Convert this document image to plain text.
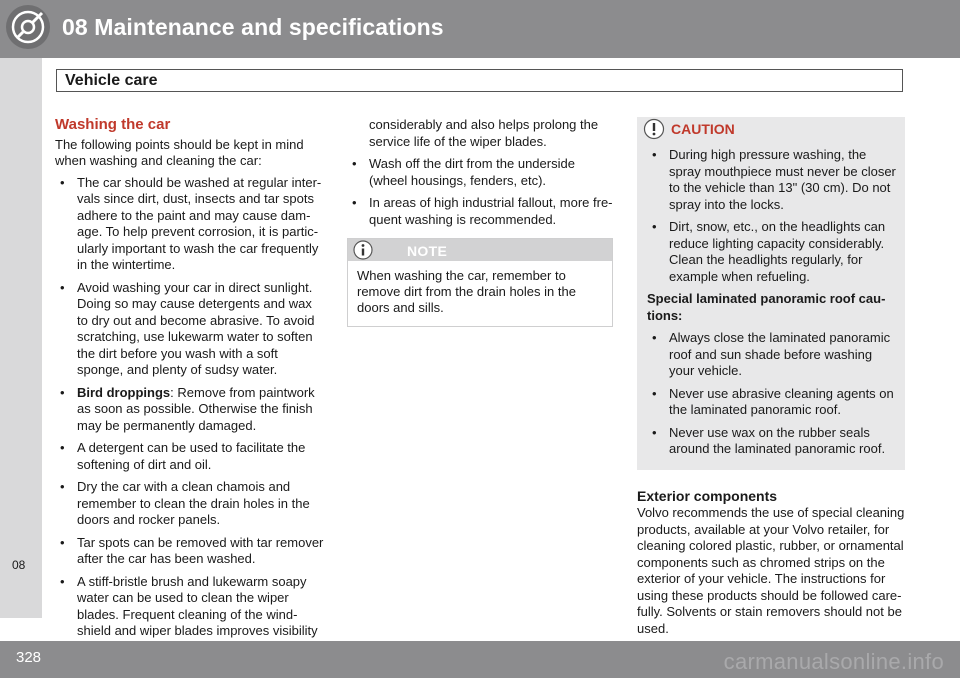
08 Maintenance and specifications
08
Vehicle care
Washing the car

The following points should be kept in mind when washing and cleaning the car:

• The car should be washed at regular inter-vals since dirt, dust, insects and tar spots adhere to the paint and may cause dam-age. To help prevent corrosion, it is partic-ularly important to wash the car frequently in the wintertime.
• Avoid washing your car in direct sunlight. Doing so may cause detergents and wax to dry out and become abrasive. To avoid scratching, use lukewarm water to soften the dirt before you wash with a soft sponge, and plenty of sudsy water.
• Bird droppings: Remove from paintwork as soon as possible. Otherwise the finish may be permanently damaged.
• A detergent can be used to facilitate the softening of dirt and oil.
• Dry the car with a clean chamois and remember to clean the drain holes in the doors and rocker panels.
• Tar spots can be removed with tar remover after the car has been washed.
• A stiff-bristle brush and lukewarm soapy water can be used to clean the wiper blades. Frequent cleaning of the wind-shield and wiper blades improves visibility
considerably and also helps prolong the service life of the wiper blades.
• Wash off the dirt from the underside (wheel housings, fenders, etc).
• In areas of high industrial fallout, more fre-quent washing is recommended.
NOTE
When washing the car, remember to remove dirt from the drain holes in the doors and sills.
CAUTION
• During high pressure washing, the spray mouthpiece must never be closer to the vehicle than 13" (30 cm). Do not spray into the locks.
• Dirt, snow, etc., on the headlights can reduce lighting capacity considerably. Clean the headlights regularly, for example when refueling.

Special laminated panoramic roof cau-tions:

• Always close the laminated panoramic roof and sun shade before washing your vehicle.
• Never use abrasive cleaning agents on the laminated panoramic roof.
• Never use wax on the rubber seals around the laminated panoramic roof.
Exterior components

Volvo recommends the use of special cleaning products, available at your Volvo retailer, for cleaning colored plastic, rubber, or ornamental components such as chromed strips on the exterior of your vehicle. The instructions for using these products should be followed care-fully. Solvents or stain removers should not be used.

328	carmanualsonline.info
